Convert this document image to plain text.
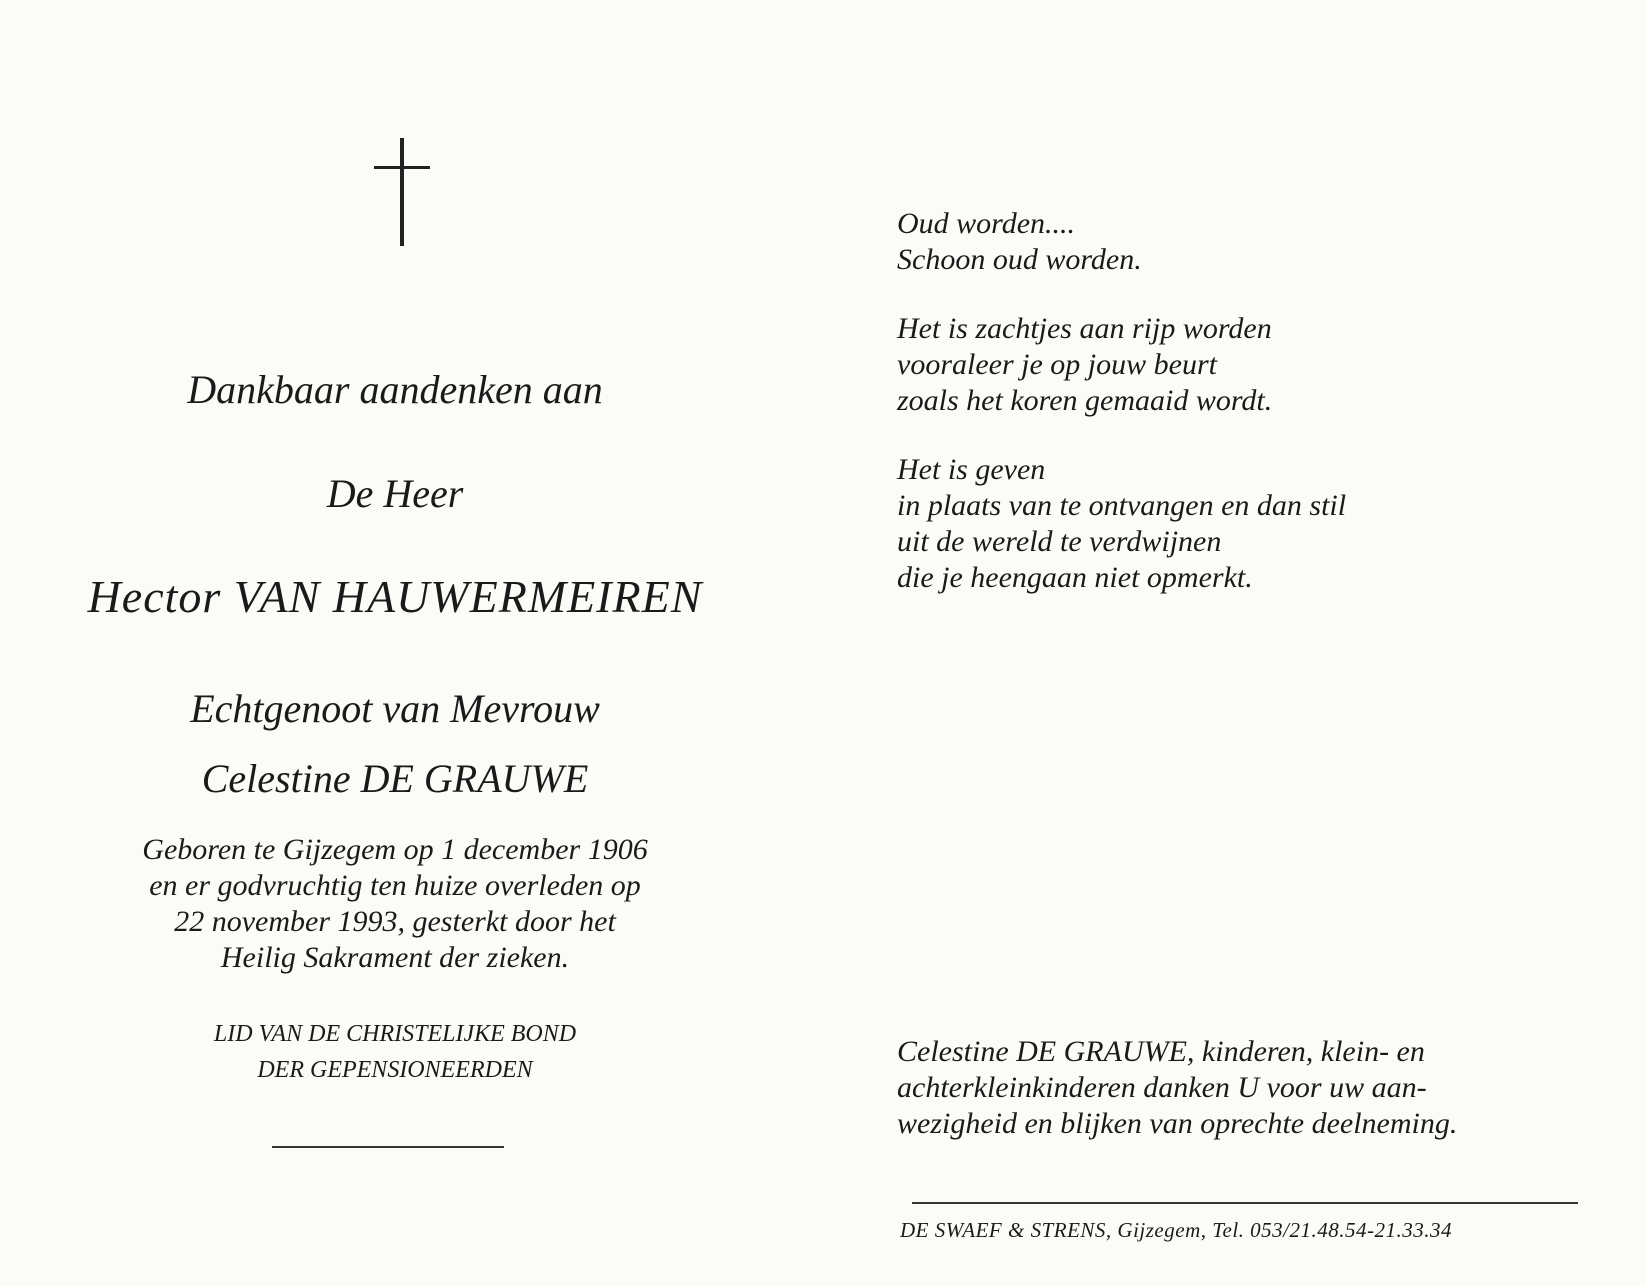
Dankbaar aandenken aan
De Heer
Hector VAN HAUWERMEIREN
Echtgenoot van Mevrouw
Celestine DE GRAUWE
Geboren te Gijzegem op 1 december 1906
en er godvruchtig ten huize overleden op
22 november 1993, gesterkt door het
Heilig Sakrament der zieken.
LID VAN DE CHRISTELIJKE BOND
DER GEPENSIONEERDEN
Oud worden....
Schoon oud worden.
Het is zachtjes aan rijp worden
vooraleer je op jouw beurt
zoals het koren gemaaid wordt.
Het is geven
in plaats van te ontvangen en dan stil
uit de wereld te verdwijnen
die je heengaan niet opmerkt.
Celestine DE GRAUWE, kinderen, klein- en
achterkleinkinderen danken U voor uw aan-
wezigheid en blijken van oprechte deelneming.
DE SWAEF & STRENS, Gijzegem, Tel. 053/21.48.54-21.33.34
